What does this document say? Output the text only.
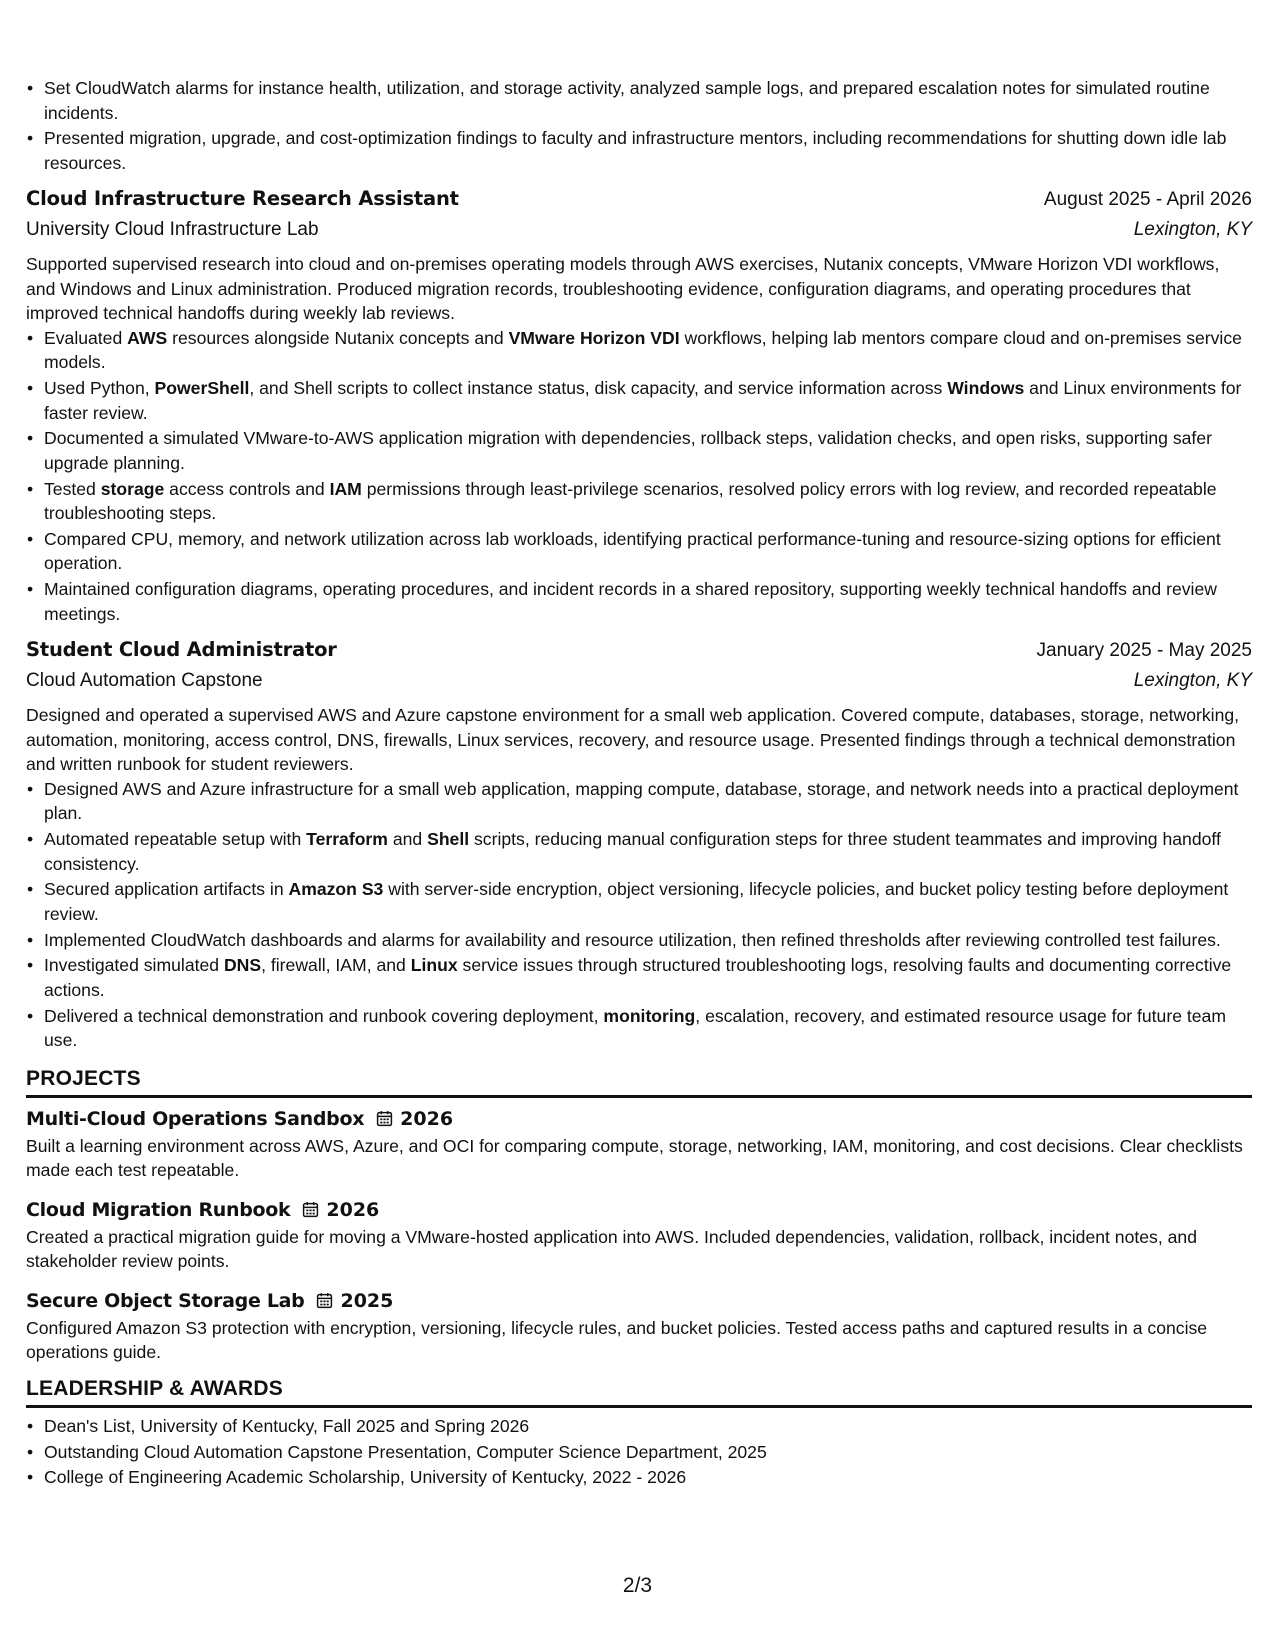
• Set CloudWatch alarms for instance health, utilization, and storage activity, analyzed sample logs, and prepared escalation notes for simulated routine incidents.
• Presented migration, upgrade, and cost-optimization findings to faculty and infrastructure mentors, including recommendations for shutting down idle lab resources.
Cloud Infrastructure Research Assistant	August 2025 - April 2026
University Cloud Infrastructure Lab	Lexington, KY
Supported supervised research into cloud and on-premises operating models through AWS exercises, Nutanix concepts, VMware Horizon VDI workflows, and Windows and Linux administration. Produced migration records, troubleshooting evidence, configuration diagrams, and operating procedures that improved technical handoffs during weekly lab reviews.
• Evaluated AWS resources alongside Nutanix concepts and VMware Horizon VDI workflows, helping lab mentors compare cloud and on-premises service models.
• Used Python, PowerShell, and Shell scripts to collect instance status, disk capacity, and service information across Windows and Linux environments for faster review.
• Documented a simulated VMware-to-AWS application migration with dependencies, rollback steps, validation checks, and open risks, supporting safer upgrade planning.
• Tested storage access controls and IAM permissions through least-privilege scenarios, resolved policy errors with log review, and recorded repeatable troubleshooting steps.
• Compared CPU, memory, and network utilization across lab workloads, identifying practical performance-tuning and resource-sizing options for efficient operation.
• Maintained configuration diagrams, operating procedures, and incident records in a shared repository, supporting weekly technical handoffs and review meetings.
Student Cloud Administrator	January 2025 - May 2025
Cloud Automation Capstone	Lexington, KY
Designed and operated a supervised AWS and Azure capstone environment for a small web application. Covered compute, databases, storage, networking, automation, monitoring, access control, DNS, firewalls, Linux services, recovery, and resource usage. Presented findings through a technical demonstration and written runbook for student reviewers.
• Designed AWS and Azure infrastructure for a small web application, mapping compute, database, storage, and network needs into a practical deployment plan.
• Automated repeatable setup with Terraform and Shell scripts, reducing manual configuration steps for three student teammates and improving handoff consistency.
• Secured application artifacts in Amazon S3 with server-side encryption, object versioning, lifecycle policies, and bucket policy testing before deployment review.
• Implemented CloudWatch dashboards and alarms for availability and resource utilization, then refined thresholds after reviewing controlled test failures.
• Investigated simulated DNS, firewall, IAM, and Linux service issues through structured troubleshooting logs, resolving faults and documenting corrective actions.
• Delivered a technical demonstration and runbook covering deployment, monitoring, escalation, recovery, and estimated resource usage for future team use.
PROJECTS
Multi-Cloud Operations Sandbox 2026
Built a learning environment across AWS, Azure, and OCI for comparing compute, storage, networking, IAM, monitoring, and cost decisions. Clear checklists made each test repeatable.
Cloud Migration Runbook 2026
Created a practical migration guide for moving a VMware-hosted application into AWS. Included dependencies, validation, rollback, incident notes, and stakeholder review points.
Secure Object Storage Lab 2025
Configured Amazon S3 protection with encryption, versioning, lifecycle rules, and bucket policies. Tested access paths and captured results in a concise operations guide.
LEADERSHIP & AWARDS
• Dean's List, University of Kentucky, Fall 2025 and Spring 2026
• Outstanding Cloud Automation Capstone Presentation, Computer Science Department, 2025
• College of Engineering Academic Scholarship, University of Kentucky, 2022 - 2026
2/3
